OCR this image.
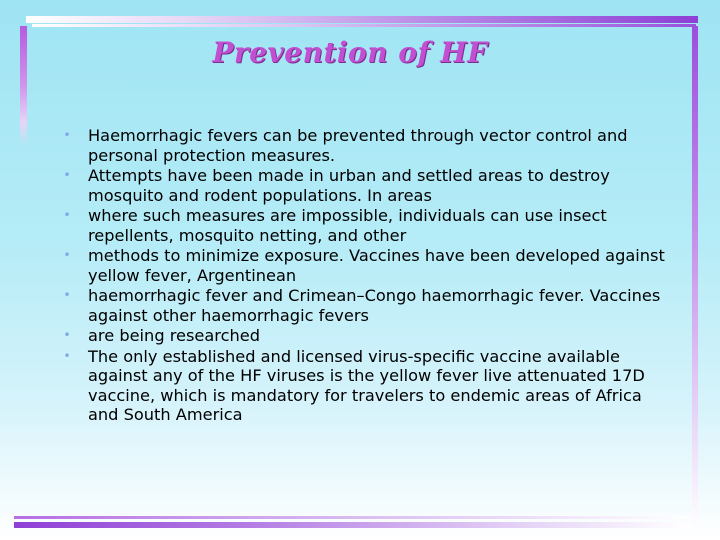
Prevention of HF
• Haemorrhagic fevers can be prevented through vector control and personal protection measures.
• Attempts have been made in urban and settled areas to destroy mosquito and rodent populations. In areas
• where such measures are impossible, individuals can use insect repellents, mosquito netting, and other
• methods to minimize exposure. Vaccines have been developed against yellow fever, Argentinean
• haemorrhagic fever and Crimean–Congo haemorrhagic fever. Vaccines against other haemorrhagic fevers
• are being researched
• The only established and licensed virus-specific vaccine available against any of the HF viruses is the yellow fever live attenuated 17D vaccine, which is mandatory for travelers to endemic areas of Africa and South America
